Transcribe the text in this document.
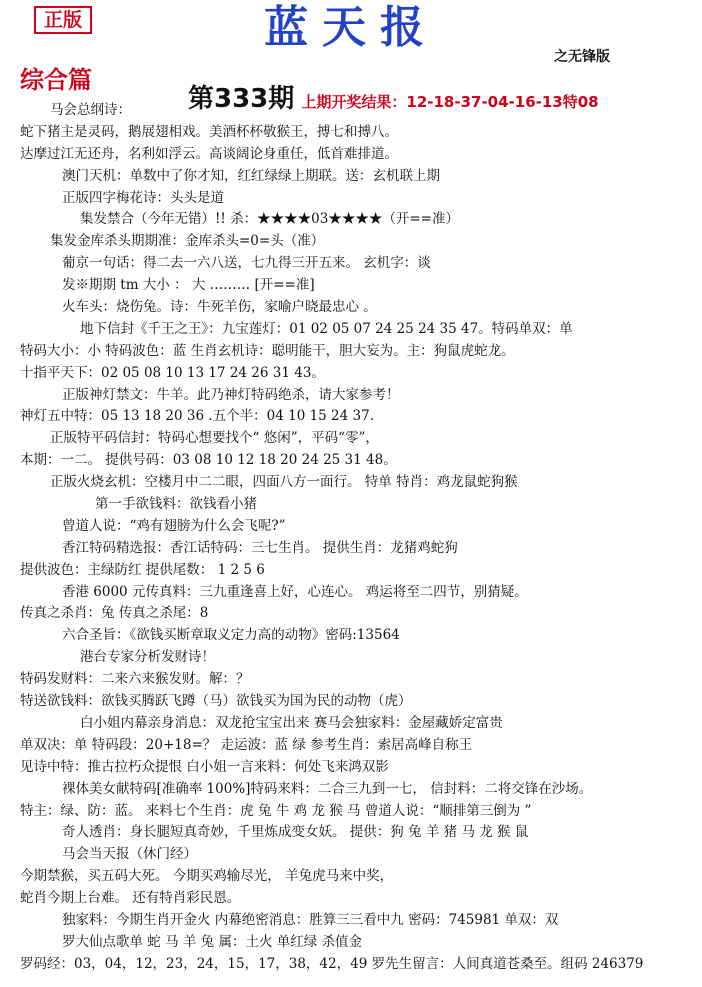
正版	蓝天报
之无锋版
综合篇
第333期 上期开奖结果：12-18-37-04-16-13特08
马会总纲诗：
蛇下猪主是灵码，鹅展翅相戏。美酒杯杯敬猴王，搏七和搏八。
达摩过江无还舟，名利如浮云。高谈阔论身重任，低首难排道。
澳门天机：单数中了你才知，红红绿绿上期联。送：玄机联上期
正版四字梅花诗：头头是道
集发禁合（今年无错）!! 杀：★★★★03★★★★（开==准）
集发金库杀头期期准：金库杀头=0=头（准）
葡京一句话：得二去一六八送，七九得三开五来。 玄机字：谈
发※期期 tm 大小 ： 大 ……… [开==准]
火车头：烧伤兔。诗：牛死羊伤，家喻户晓最忠心 。
地下信封《千王之王》：九宝莲灯：01 02 05 07 24 25 24 35 47。特码单双：单
特码大小：小 特码波色：蓝 生肖玄机诗：聪明能干，胆大妄为。主：狗鼠虎蛇龙。
十指平天下：02 05 08 10 13 17 24 26 31 43。
正版神灯禁文：牛羊。此乃神灯特码绝杀，请大家参考！
神灯五中特：05 13 18 20 36 .五个半：04 10 15 24 37.
正版特平码信封：特码心想要找个“ 悠闲”，平码“零”，
本期：一二。 提供号码：03 08 10 12 18 20 24 25 31 48。
正版火烧玄机：空楼月中二二眼，四面八方一面行。 特单 特肖：鸡龙鼠蛇狗猴
第一手欲钱料：欲钱看小猪
曾道人说：“鸡有翅膀为什么会飞呢?”
香江特码精选报：香江话特码：三七生肖。 提供生肖：龙猪鸡蛇狗
提供波色：主绿防红 提供尾数： 1 2 5 6
香港 6000 元传真料：三九重逢喜上好，心连心。 鸡运将至二四节，别猜疑。
传真之杀肖：兔 传真之杀尾：8
六合圣旨：《欲钱买断章取义定力高的动物》密码:13564
港台专家分析发财诗！
特码发财料：二来六来猴发财。解：？
特送欲钱料：欲钱买腾跃飞蹲（马）欲钱买为国为民的动物（虎）
白小姐内幕亲身消息：双龙抢宝宝出来 赛马会独家料：金屋藏娇定富贵
单双决：单 特码段：20+18=？ 走运波：蓝 绿 参考生肖：索居高峰自称王
见诗中特：推古拉朽众提恨 白小姐一言来料：何处飞来鸿双影
裸体美女献特码[准确率 100%]特码来料：二合三九到一七， 信封料：二将交锋在沙场。
特主：绿、防：蓝。 来料七个生肖：虎 兔 牛 鸡 龙 猴 马 曾道人说：“顺排第三倒为 ”
奇人透肖：身长腿短真奇妙，千里炼成变女妖。 提供：狗 兔 羊 猪 马 龙 猴 鼠
马会当天报（休门经）
今期禁猴，买五码大死。 今期买鸡输尽光， 羊兔虎马来中奖，
蛇肖今期上台难。 还有特肖彩民恩。
独家料：今期生肖开金火 内幕绝密消息：胜算三三看中九 密码：745981 单双：双
罗大仙点歌单 蛇 马 羊 兔 属：土火 单红绿 杀值金
罗码经：03，04，12，23，24，15，17，38，42，49 罗先生留言：人间真道苍桑至。组码 246379
